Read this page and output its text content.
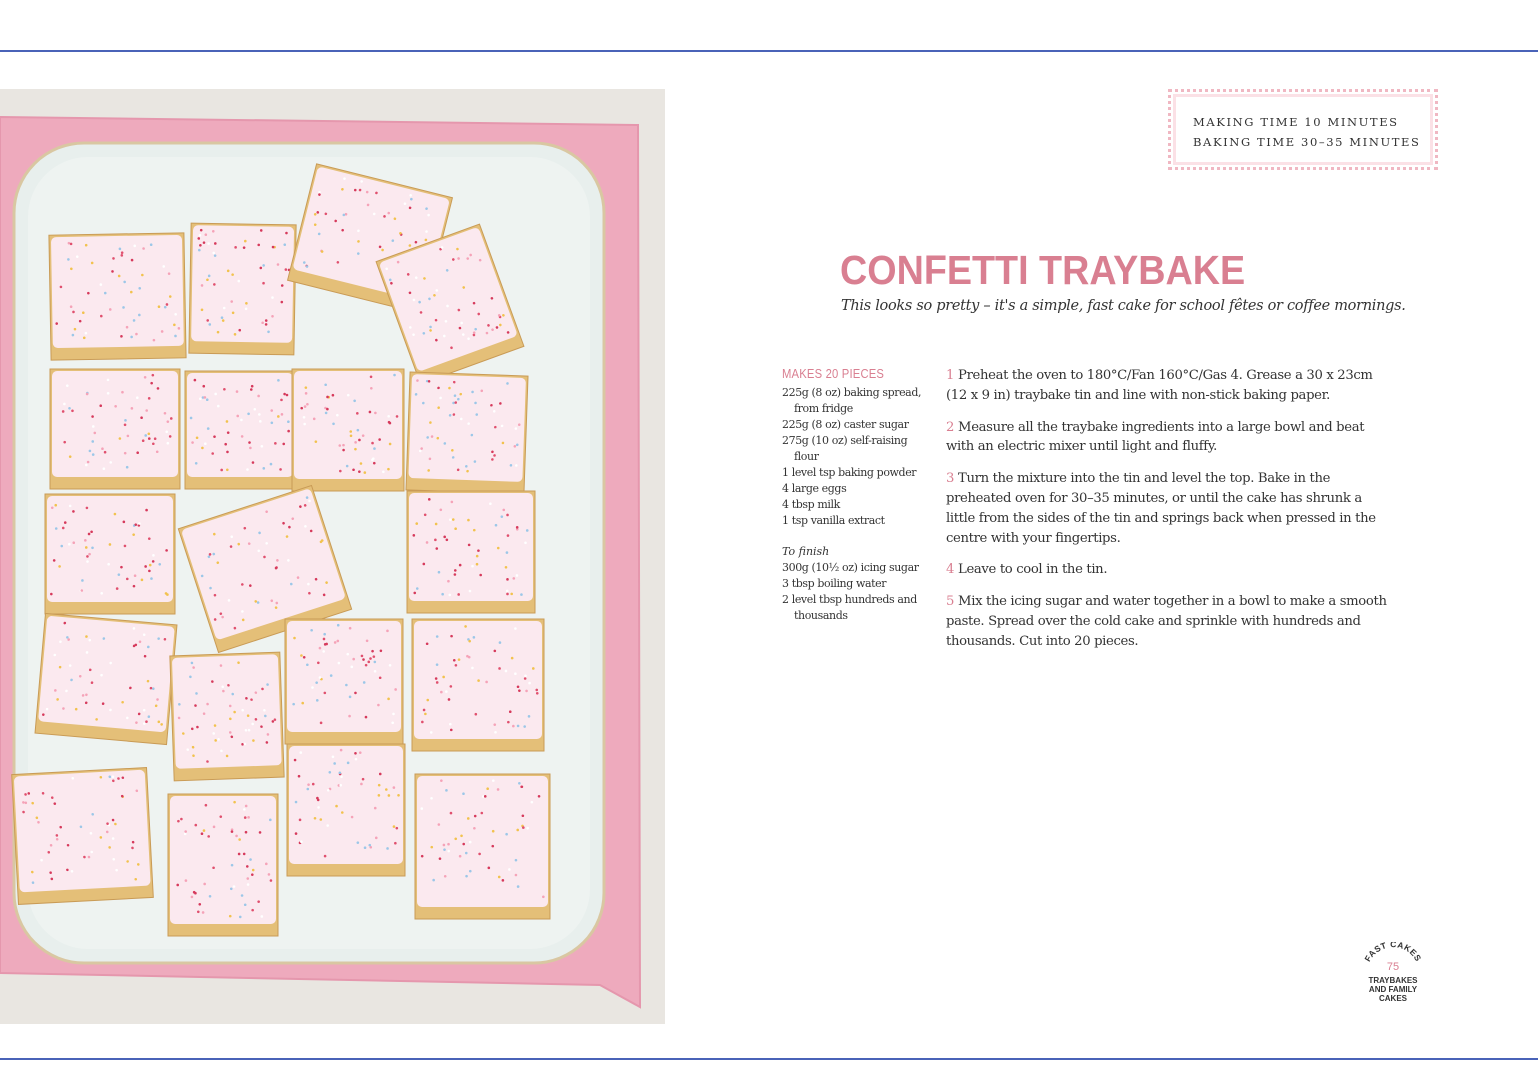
MAKING TIME 10 MINUTES
BAKING TIME 30–35 MINUTES
CONFETTI TRAYBAKE

This looks so pretty – it's a simple, fast cake for school fêtes or coffee mornings.

MAKES 20 PIECES
225g (8 oz) baking spread, from fridge
225g (8 oz) caster sugar
275g (10 oz) self-raising flour
1 level tsp baking powder
4 large eggs
4 tbsp milk
1 tsp vanilla extract
To finish
300g (10½ oz) icing sugar
3 tbsp boiling water
2 level tbsp hundreds and thousands

1 Preheat the oven to 180°C/Fan 160°C/Gas 4. Grease a 30 x 23cm (12 x 9 in) traybake tin and line with non-stick baking paper.

2 Measure all the traybake ingredients into a large bowl and beat with an electric mixer until light and fluffy.

3 Turn the mixture into the tin and level the top. Bake in the preheated oven for 30–35 minutes, or until the cake has shrunk a little from the sides of the tin and springs back when pressed in the centre with your fingertips.

4 Leave to cool in the tin.

5 Mix the icing sugar and water together in a bowl to make a smooth paste. Spread over the cold cake and sprinkle with hundreds and thousands. Cut into 20 pieces.

FAST CAKES
75
TRAYBAKES
AND FAMILY
CAKES
